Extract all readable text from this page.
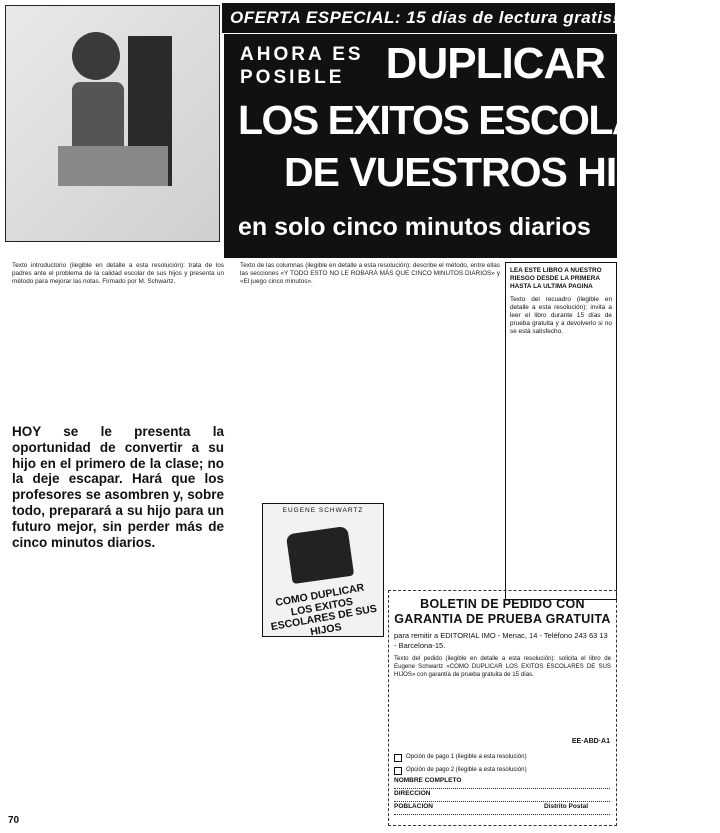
OFERTA ESPECIAL: 15 días de lectura gratis!
AHORA ES
POSIBLE DUPLICAR
LOS EXITOS ESCOLARES
DE VUESTROS HIJOS
en solo cinco minutos diarios

Texto introductorio (ilegible en detalle a esta resolución): trata de los padres ante el problema de la calidad escolar de sus hijos y presenta un método para mejorar las notas. Firmado por M. Schwartz.

HOY se le presenta la oportunidad de convertir a su hijo en el primero de la clase; no la deje escapar. Hará que los profesores se asombren y, sobre todo, preparará a su hijo para un futuro mejor, sin perder más de cinco minutos diarios.

Texto de las columnas (ilegible en detalle a esta resolución): describe el método, entre ellas las secciones «Y TODO ESTO NO LE ROBARÁ MÁS QUE CINCO MINUTOS DIARIOS» y «El juego cinco minutos».

EUGENE SCHWARTZ
COMO DUPLICAR LOS EXITOS ESCOLARES DE SUS HIJOS
LEA ESTE LIBRO A NUESTRO RIESGO DESDE LA PRIMERA HASTA LA ULTIMA PAGINA
Texto del recuadro (ilegible en detalle a esta resolución): invita a leer el libro durante 15 días de prueba gratuita y a devolverlo si no se está satisfecho.
BOLETIN DE PEDIDO CON GARANTIA DE PRUEBA GRATUITA
para remitir a EDITORIAL IMO - Menac, 14 - Teléfono 243 63 13 - Barcelona-15.
Texto del pedido (ilegible en detalle a esta resolución): solicita el libro de Eugene Schwartz «COMO DUPLICAR LOS EXITOS ESCOLARES DE SUS HIJOS» con garantía de prueba gratuita de 15 días.
EE·ABD·A1
Opción de pago 1 (ilegible a esta resolución)
Opción de pago 2 (ilegible a esta resolución)
NOMBRE COMPLETO
DIRECCION
POBLACION	Distrito Postal
70
